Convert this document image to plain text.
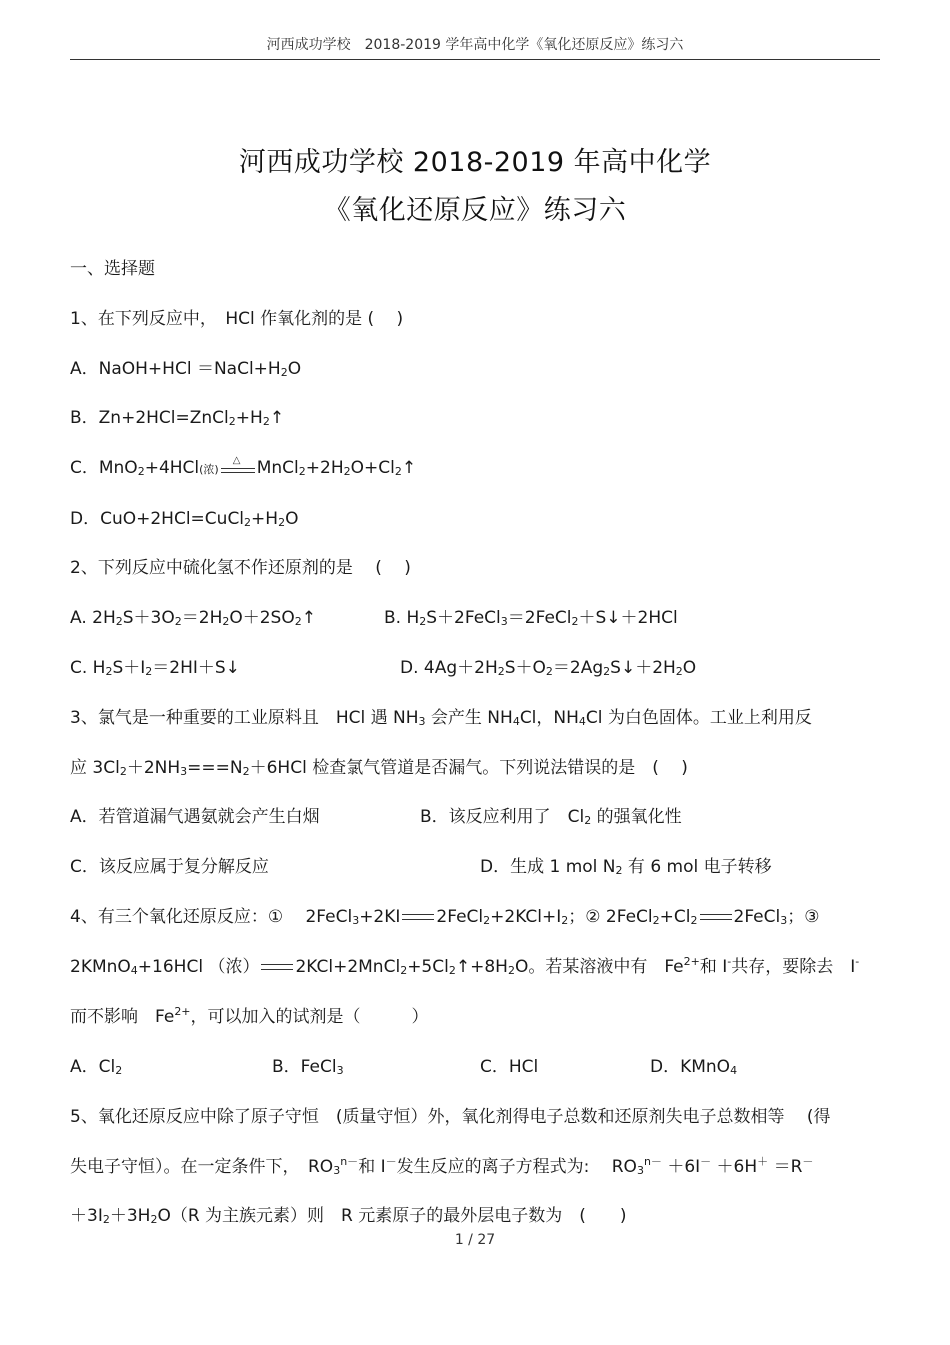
河西成功学校　2018-2019 学年高中化学《氧化还原反应》练习六
河西成功学校 2018-2019 年高中化学
《氧化还原反应》练习六
一、选择题
1、在下列反应中，　HCl 作氧化剂的是 (　 )
A．NaOH+HCl $=NaCl+H_2O$
B．$Zn+2HCl=ZnCl_2+H_2↑$
C．MnO$_2$+4HCl(浓)
△ $MnCl_2+2H_2O+Cl_2↑$
D．$CuO+2HCl=CuCl_2+H_2O$
2、下列反应中硫化氢不作还原剂的是　 (　 )
A. $2H_2S+3O_2=2H_2O+2SO_2↑$	B. $H_2S+2FeCl_3=2FeCl_2+S↓+2HCl$
C. $H_2S+I_2=2HI+S↓$	D. $4Ag+2H_2S+O_2=2Ag_2S↓+2H_2O$
3、氯气是一种重要的工业原料且　HCl 遇 $NH_3$ 会产生 $NH_4Cl$，$NH_4Cl$ 为白色固体。工业上利用反
应 $3Cl_2+2NH_3===N_2+6HCl$ 检查氯气管道是否漏气。下列说法错误的是　(　 )
A．若管道漏气遇氨就会产生白烟	B．该反应利用了　$Cl_2$ 的强氧化性
C．该反应属于复分解反应	D．生成 1 mol $N_2$ 有 6 mol 电子转移
4、有三个氧化还原反应：①　 2FeCl$_3$+2KI $2FeCl_2+2KCl+I_2$；② $2FeCl_2+Cl_2$ 2FeCl$_3$；③
2KMnO$_4$+16HCl （浓） $2KCl+2MnCl_2+5Cl_2↑+8H_2O$。若某溶液中有　$Fe^{2+}$和 I-共存，要除去　I-
而不影响　$Fe^{2+}$，可以加入的试剂是（　　　）
A．$Cl_2$	B．FeCl$_3$	C．HCl	D．KMnO$_4$
5、氧化还原反应中除了原子守恒　(质量守恒）外，氧化剂得电子总数和还原剂失电子总数相等　 (得
失电子守恒）。在一定条件下，　$RO_3^{n-}$和 I－发生反应的离子方程式为:　 $RO_3^{n-} +6I^- +6H^+ =R^-$
$+3I_2+3H_2O(R$ 为主族元素）则　R 元素原子的最外层电子数为　(　　)
1 / 27
